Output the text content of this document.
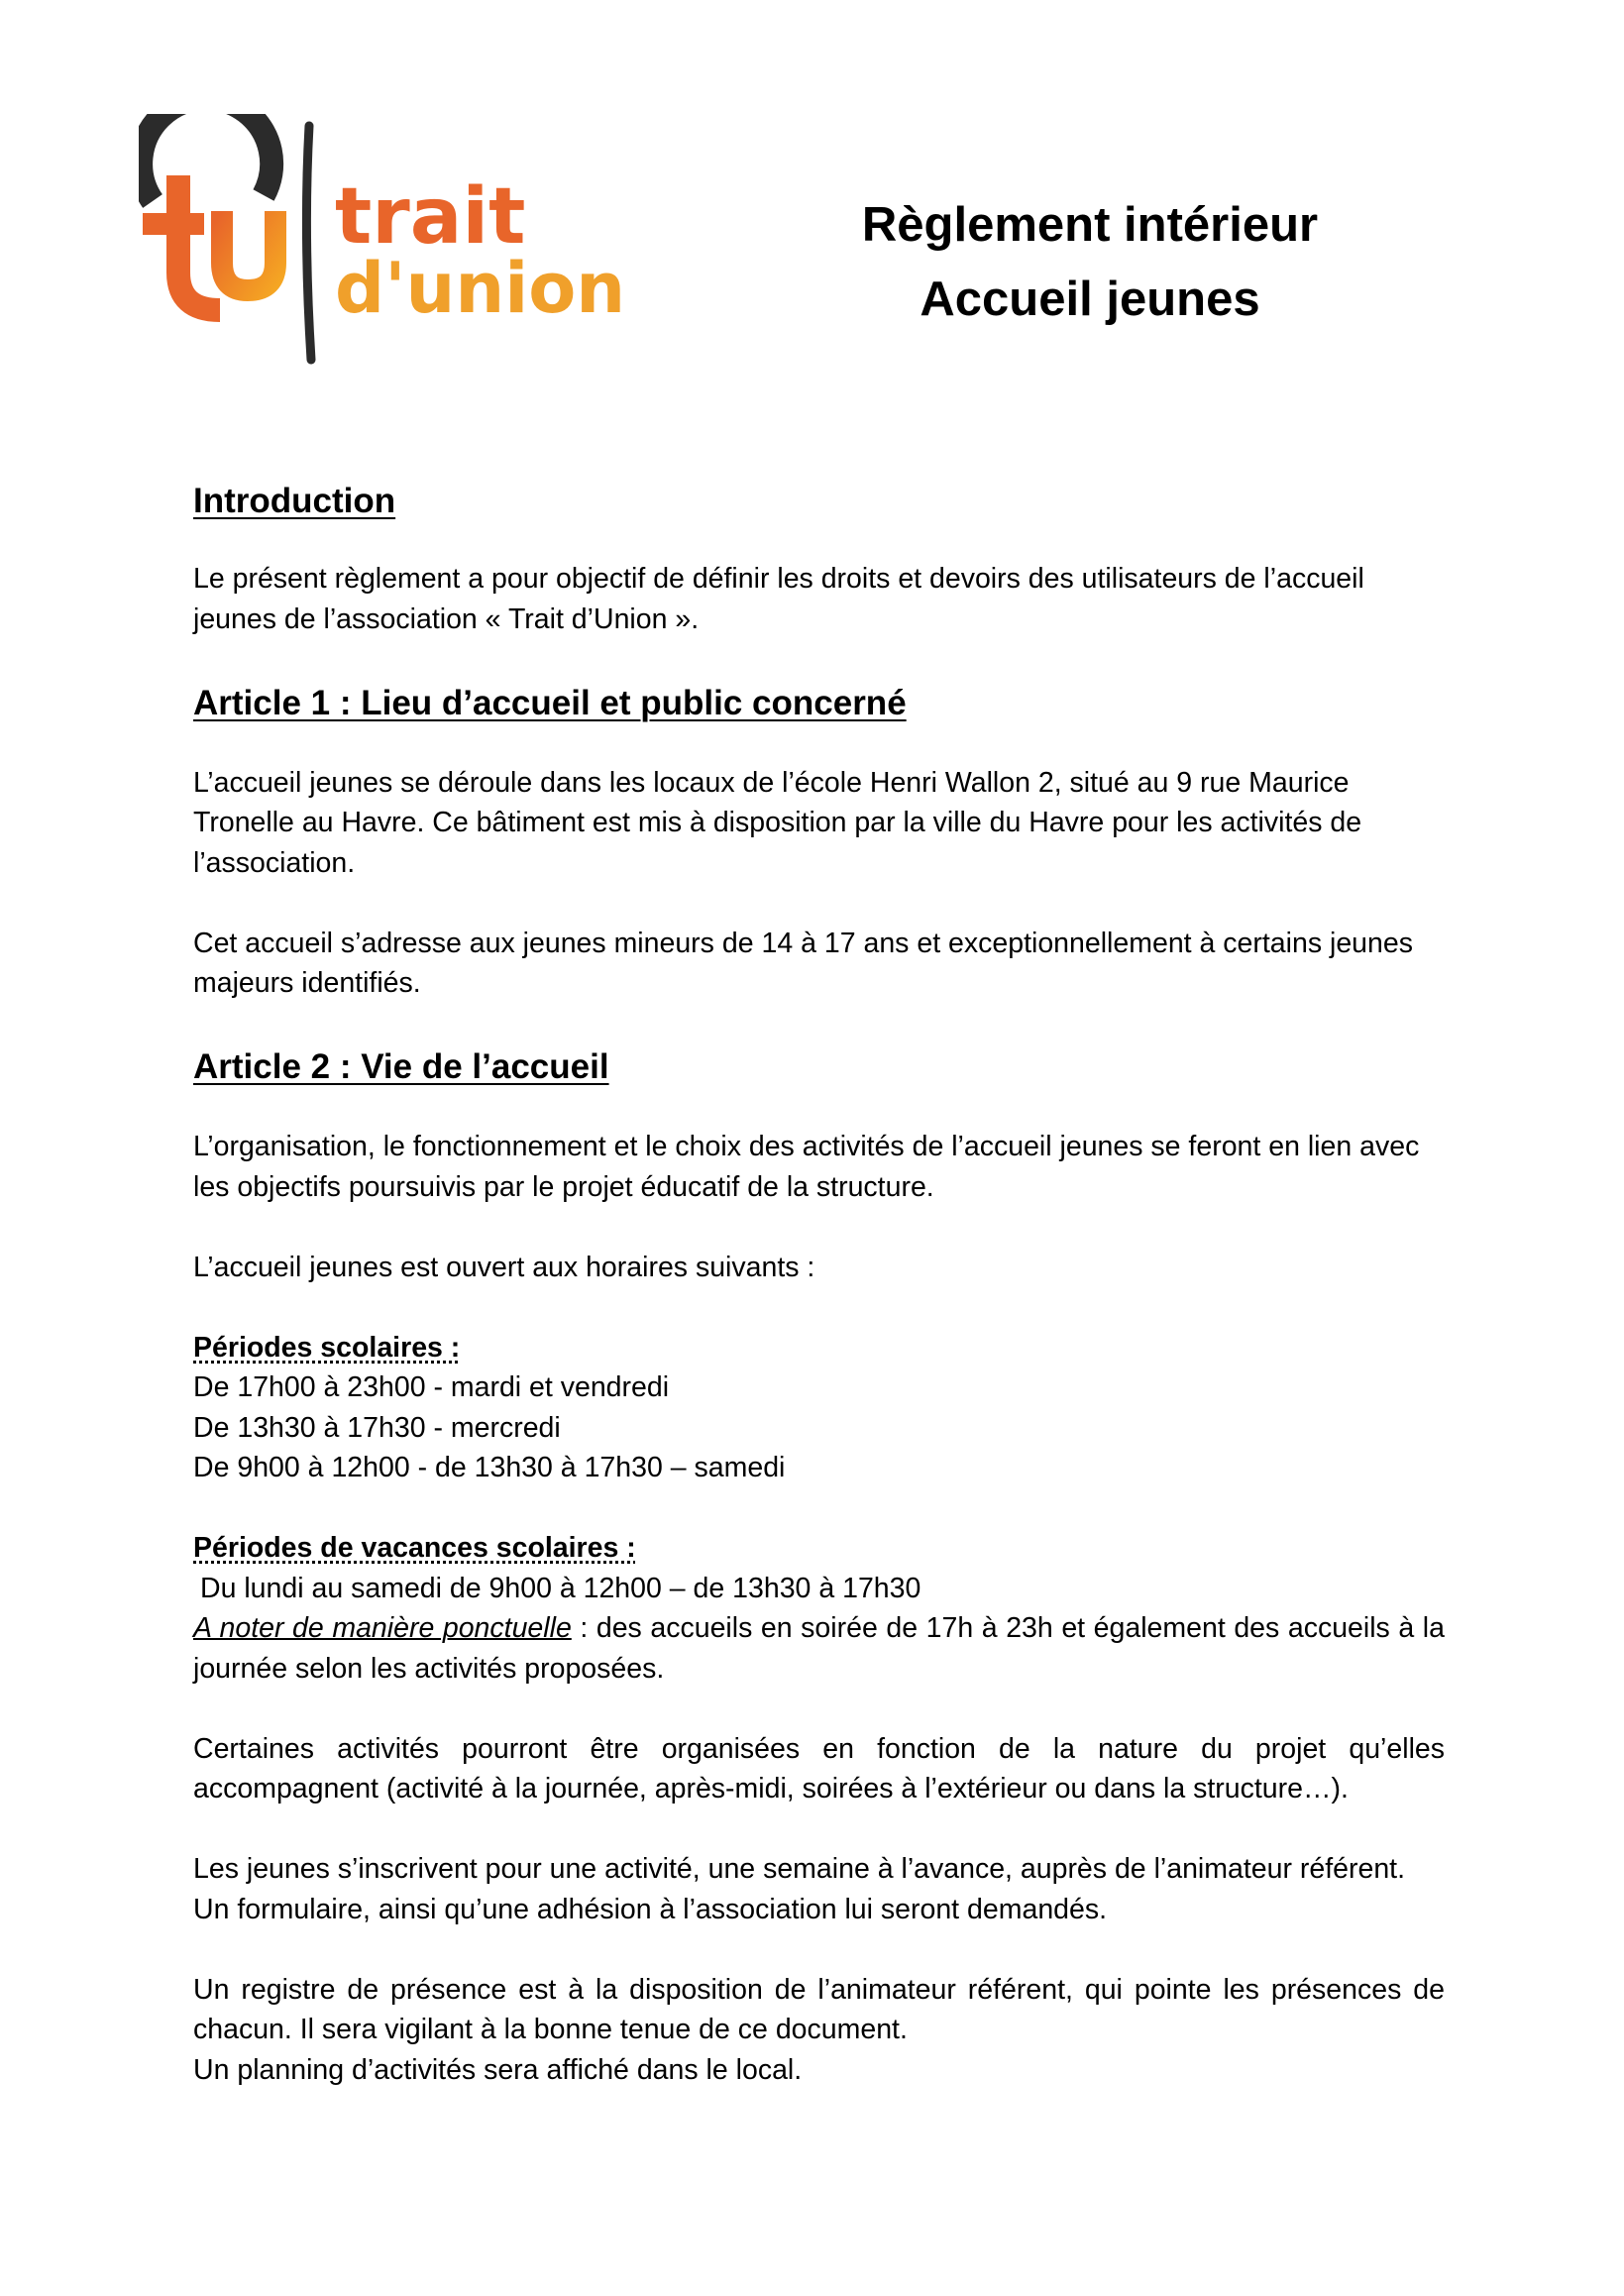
trait
d'union
Règlement intérieur
Accueil jeunes
Introduction

Le présent règlement a pour objectif de définir les droits et devoirs des utilisateurs de l’accueil jeunes de l’association « Trait d’Union ».

Article 1 : Lieu d’accueil et public concerné

L’accueil jeunes se déroule dans les locaux de l’école Henri Wallon 2, situé au 9 rue Maurice Tronelle au Havre. Ce bâtiment est mis à disposition par la ville du Havre pour les activités de l’association.

Cet accueil s’adresse aux jeunes mineurs de 14 à 17 ans et exceptionnellement à certains jeunes majeurs identifiés.

Article 2 : Vie de l’accueil

L’organisation, le fonctionnement et le choix des activités de l’accueil jeunes se feront en lien avec les objectifs poursuivis par le projet éducatif de la structure.

L’accueil jeunes est ouvert aux horaires suivants :

Périodes scolaires :
De 17h00 à 23h00 - mardi et vendredi
De 13h30 à 17h30 - mercredi
De 9h00 à 12h00 - de 13h30 à 17h30 – samedi

Périodes de vacances scolaires :
Du lundi au samedi de 9h00 à 12h00 – de 13h30 à 17h30
A noter de manière ponctuelle : des accueils en soirée de 17h à 23h et également des accueils à la journée selon les activités proposées.

Certaines activités pourront être organisées en fonction de la nature du projet qu’elles accompagnent (activité à la journée, après-midi, soirées à l’extérieur ou dans la structure…).

Les jeunes s’inscrivent pour une activité, une semaine à l’avance, auprès de l’animateur référent.
Un formulaire, ainsi qu’une adhésion à l’association lui seront demandés.

Un registre de présence est à la disposition de l’animateur référent, qui pointe les présences de chacun. Il sera vigilant à la bonne tenue de ce document.
Un planning d’activités sera affiché dans le local.
